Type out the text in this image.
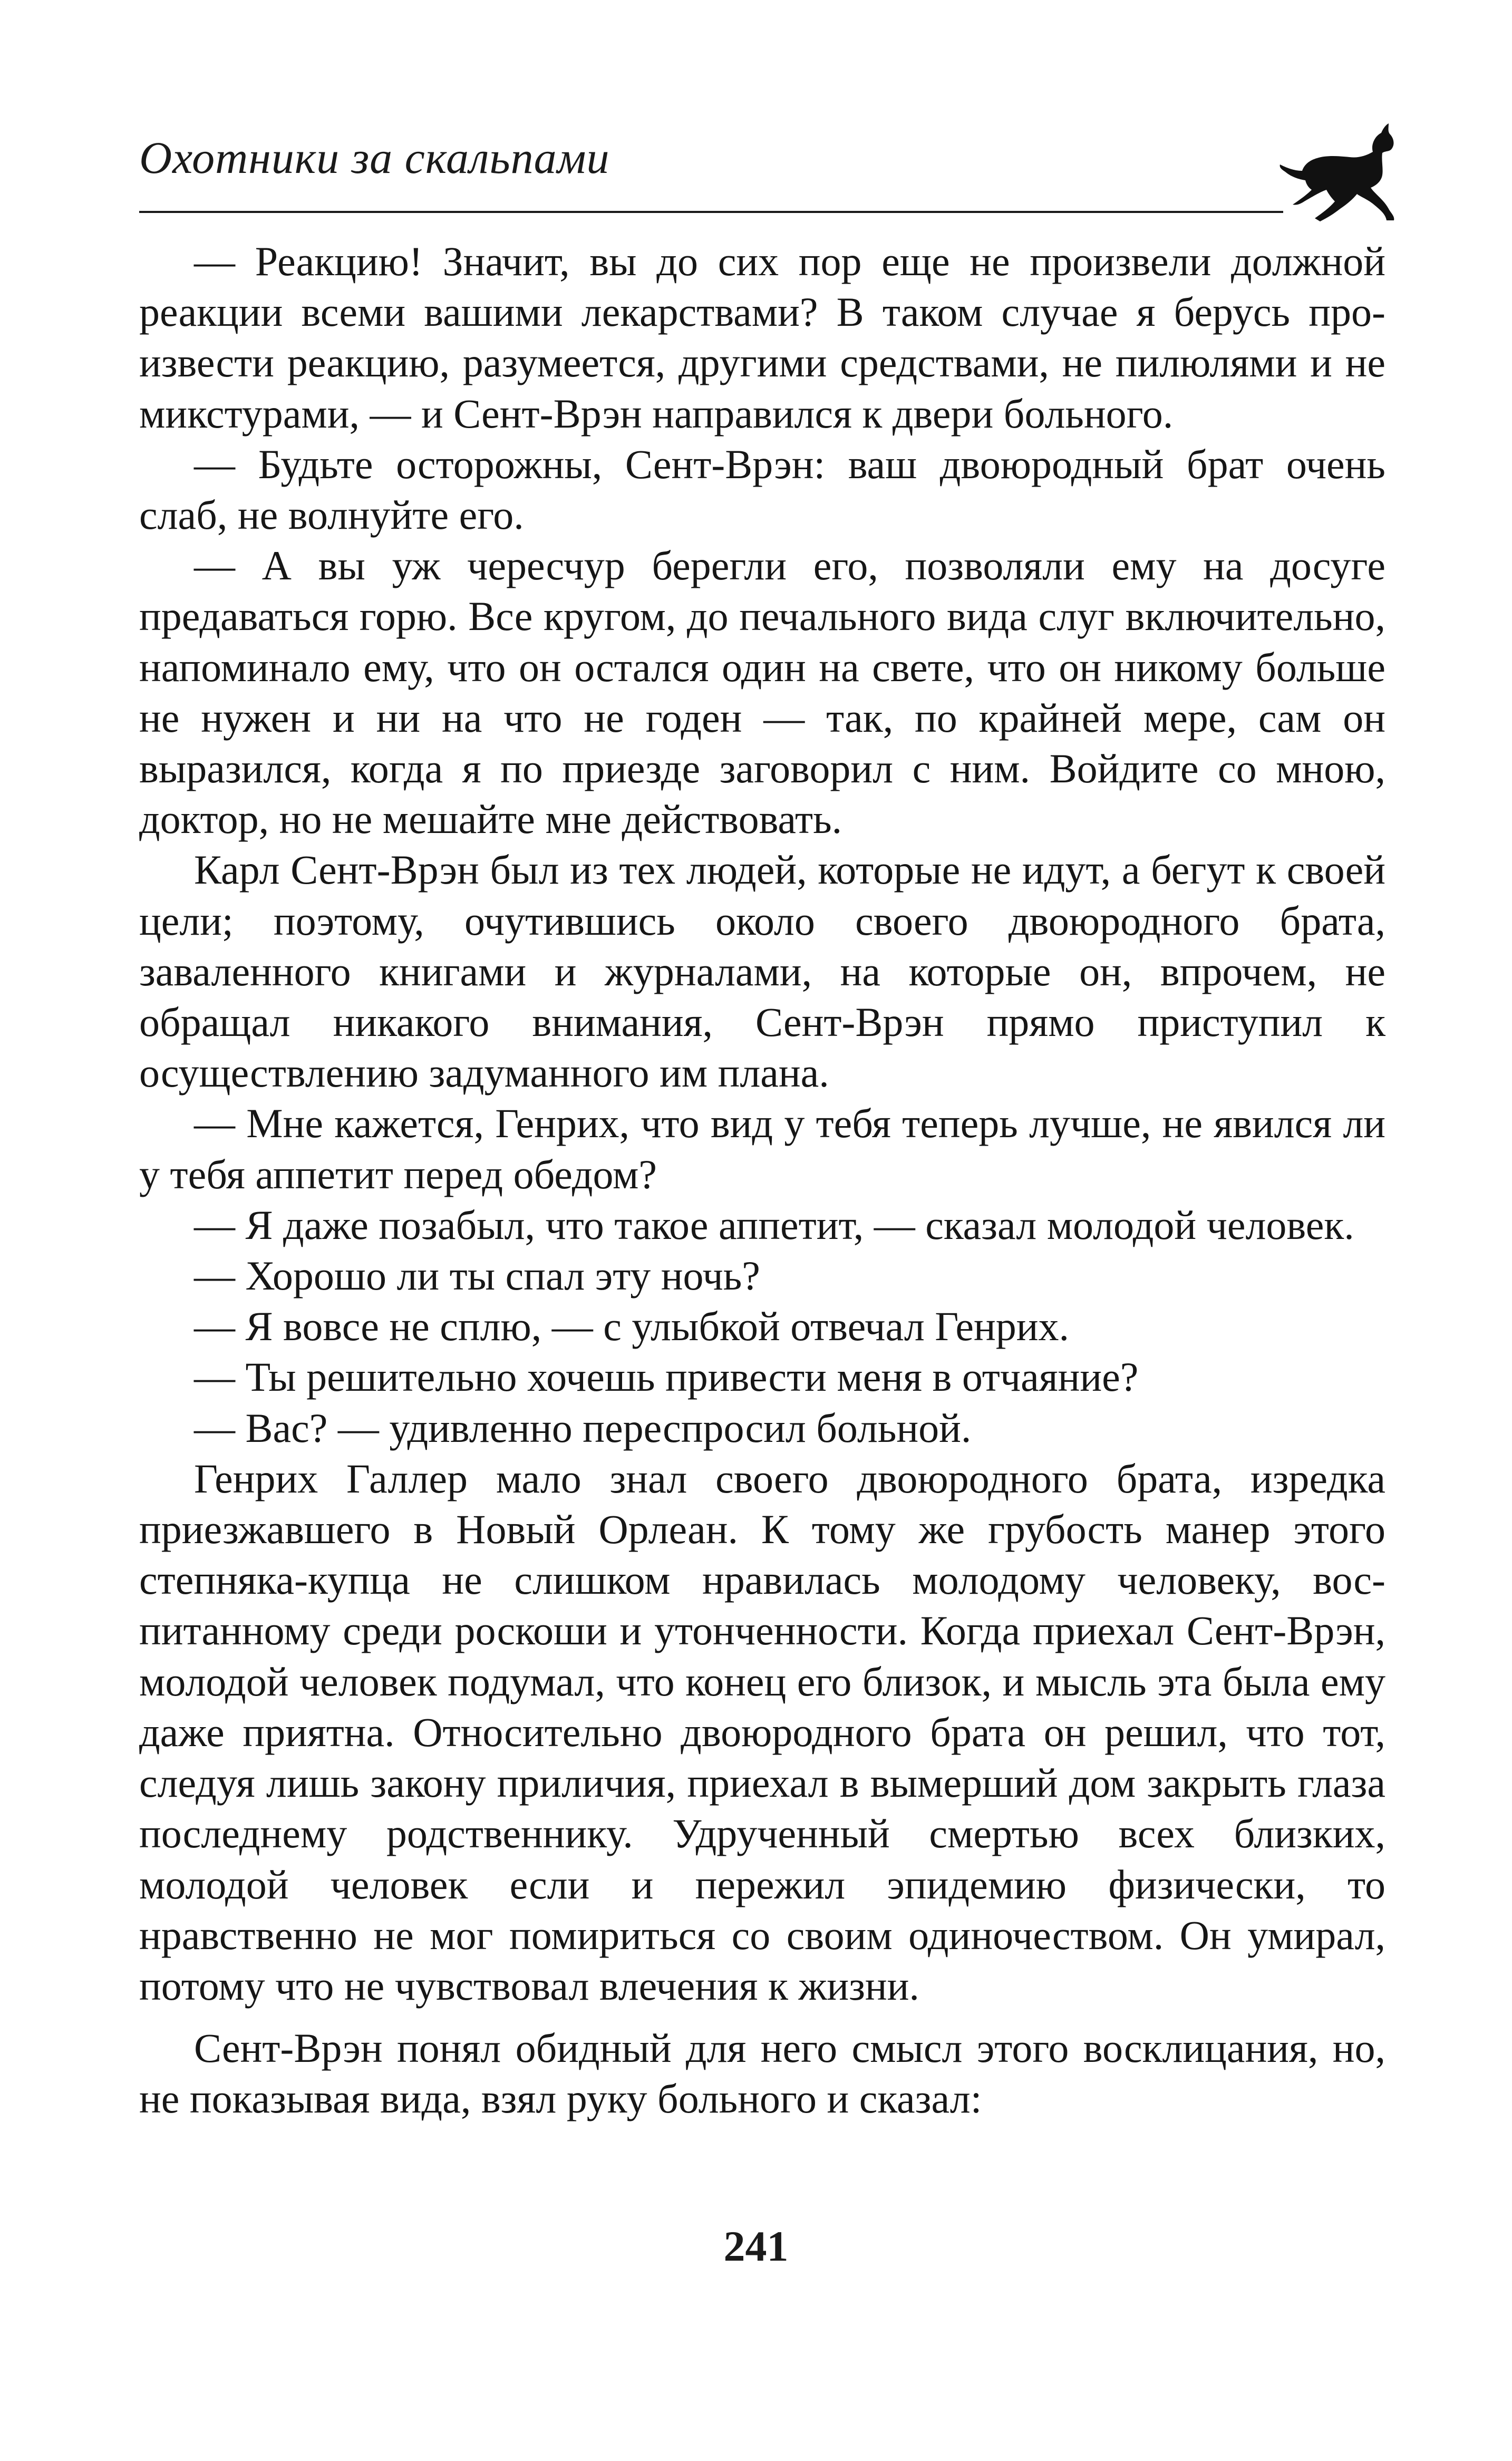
Охотники за скальпами

— Реакцию! Значит, вы до сих пор еще не произвели должной реакции всеми вашими лекарствами? В таком случае я берусь произвести реакцию, разумеется, другими средствами, не пилюлями и не микстурами, — и Сент-Врэн направился к двери больного.

— Будьте осторожны, Сент-Врэн: ваш двоюродный брат очень слаб, не волнуйте его.

— А вы уж чересчур берегли его, позволяли ему на досуге предаваться горю. Все кругом, до печального вида слуг включительно, напоминало ему, что он остался один на свете, что он никому больше не нужен и ни на что не годен — так, по крайней мере, сам он выразился, когда я по приезде заговорил с ним. Войдите со мною, доктор, но не мешайте мне действовать.

Карл Сент-Врэн был из тех людей, которые не идут, а бегут к своей цели; поэтому, очутившись около своего двоюродного брата, заваленного книгами и журналами, на которые он, впрочем, не обращал никакого внимания, Сент-Врэн прямо приступил к осуществлению задуманного им плана.

— Мне кажется, Генрих, что вид у тебя теперь лучше, не явился ли у тебя аппетит перед обедом?

— Я даже позабыл, что такое аппетит, — сказал молодой человек.

— Хорошо ли ты спал эту ночь?

— Я вовсе не сплю, — с улыбкой отвечал Генрих.

— Ты решительно хочешь привести меня в отчаяние?

— Вас? — удивленно переспросил больной.

Генрих Галлер мало знал своего двоюродного брата, изредка приезжавшего в Новый Орлеан. К тому же грубость манер этого степняка-купца не слишком нравилась молодому человеку, воспитанному среди роскоши и утонченности. Когда приехал Сент-Врэн, молодой человек подумал, что конец его близок, и мысль эта была ему даже приятна. Относительно двоюродного брата он решил, что тот, следуя лишь закону приличия, приехал в вымерший дом закрыть глаза последнему родственнику. Удрученный смертью всех близких, молодой человек если и пережил эпидемию физически, то нравственно не мог помириться со своим одиночеством. Он умирал, потому что не чувствовал влечения к жизни.

Сент-Врэн понял обидный для него смысл этого восклицания, но, не показывая вида, взял руку больного и сказал:

241
